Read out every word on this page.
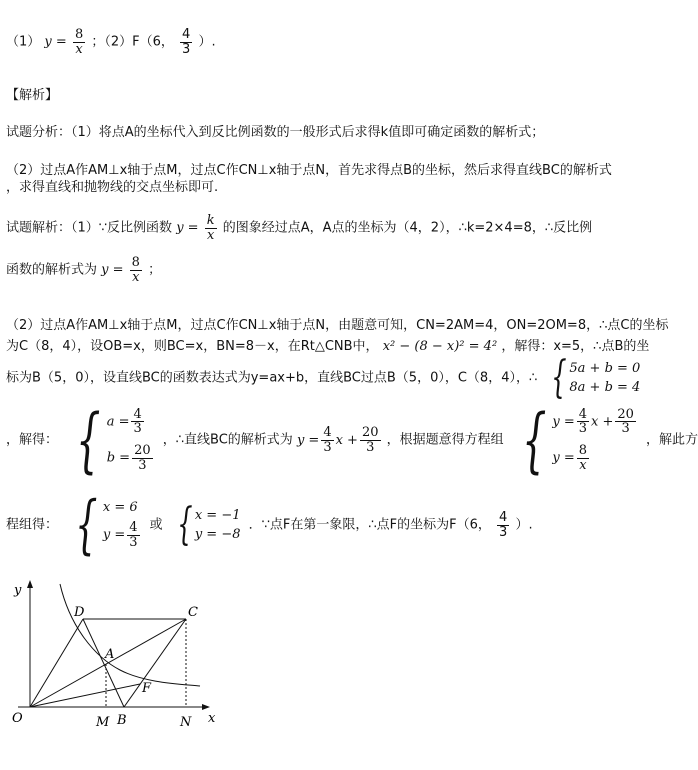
（1） $y = \frac{8}{x}$ ；（2）F（6， $\frac{4}{3}$ ）.
【解析】
试题分析：（1）将点A的坐标代入到反比例函数的一般形式后求得k值即可确定函数的解析式；
（2）过点A作AM⊥x轴于点M，过点C作CN⊥x轴于点N，首先求得点B的坐标，然后求得直线BC的解析式
，求得直线和抛物线的交点坐标即可.
试题解析：（1）∵反比例函数 $y = \frac{k}{x}$ 的图象经过点A，A点的坐标为（4，2），∴k=2×4=8，∴反比例
函数的解析式为 $y = \frac{8}{x}$ ；
（2）过点A作AM⊥x轴于点M，过点C作CN⊥x轴于点N，由题意可知，CN=2AM=4，ON=2OM=8，∴点C的坐标
为C（8，4），设OB=x，则BC=x，BN=8－x，在Rt△CNB中， x² − (8 − x)² = 4² ，解得：x=5，∴点B的坐
标为B（5，0），设直线BC的函数表达式为y=ax+b，直线BC过点B（5，0），C（8，4），∴ { 5a + b = 0
8a + b = 4
，解得： { $a = \frac{4}{3}$
$b = \frac{20}{3}$
，∴直线BC的解析式为 $y = \frac{4}{3}$ $x + \frac{20}{3}$ ，根据题意得方程组 { $y = \frac{4}{3}$ $x + \frac{20}{3}$
$y = \frac{8}{x}$
，解此方
程组得： { x = 6
$y = \frac{4}{3}$ 或 { x = −1
y = −8
．∵点F在第一象限，∴点F的坐标为F（6， $\frac{4}{3}$ ）.
y
x
O	M B	N
D	C
A
F
